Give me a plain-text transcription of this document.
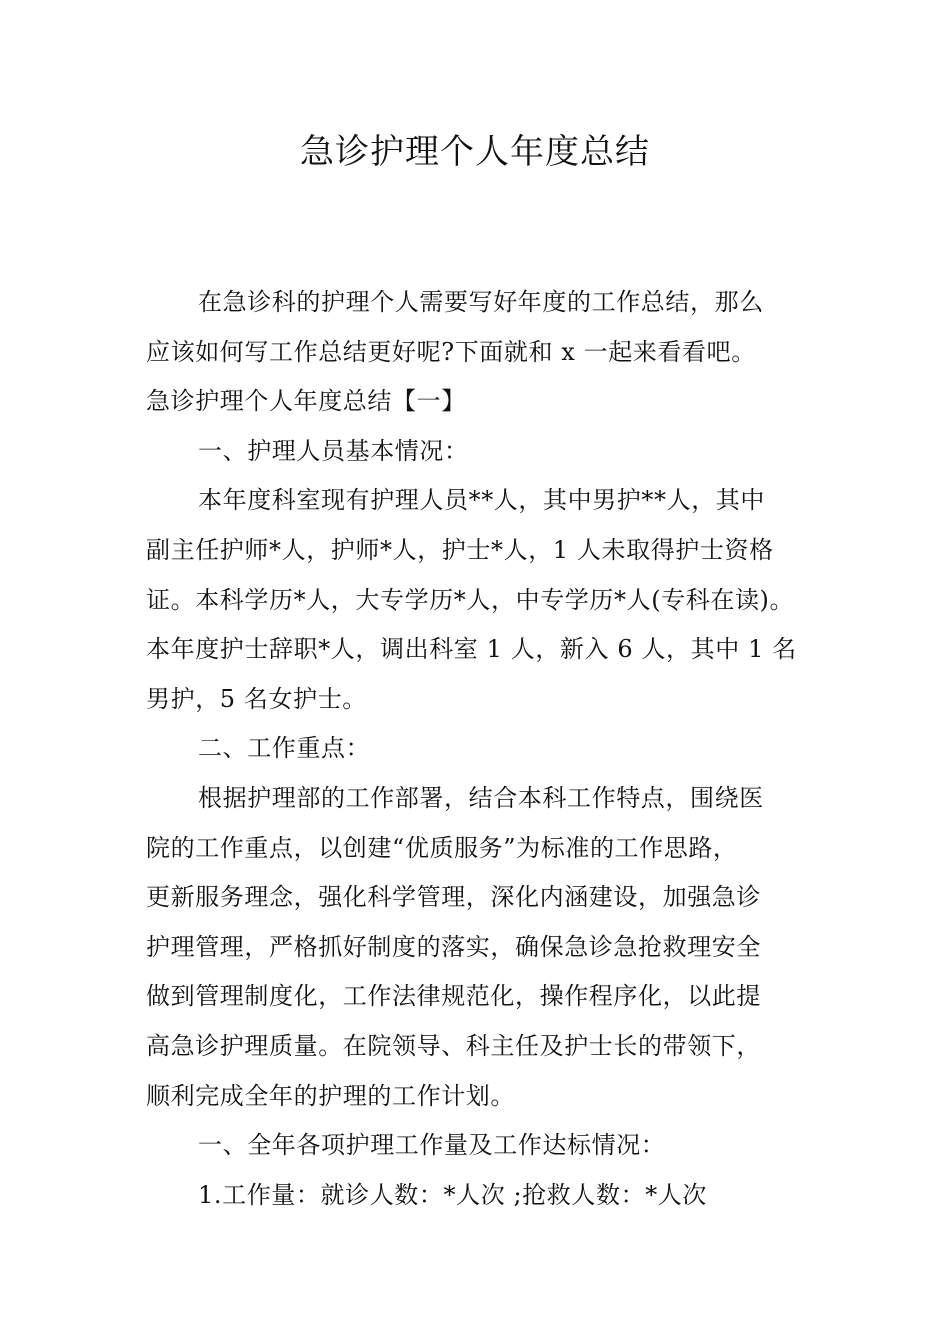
急诊护理个人年度总结
在急诊科的护理个人需要写好年度的工作总结，那么
应该如何写工作总结更好呢?下面就和 x 一起来看看吧。
急诊护理个人年度总结【一】
一、护理人员基本情况：
本年度科室现有护理人员**人，其中男护**人，其中
副主任护师*人，护师*人，护士*人，1 人未取得护士资格
证。本科学历*人，大专学历*人，中专学历*人(专科在读)。
本年度护士辞职*人，调出科室 1 人，新入 6 人，其中 1 名
男护，5 名女护士。
二、工作重点：
根据护理部的工作部署，结合本科工作特点，围绕医
院的工作重点，以创建“优质服务”为标准的工作思路，
更新服务理念，强化科学管理，深化内涵建设，加强急诊
护理管理，严格抓好制度的落实，确保急诊急抢救理安全
做到管理制度化，工作法律规范化，操作程序化，以此提
高急诊护理质量。在院领导、科主任及护士长的带领下，
顺利完成全年的护理的工作计划。
一、全年各项护理工作量及工作达标情况：
1.工作量：就诊人数：*人次 ;抢救人数：*人次
